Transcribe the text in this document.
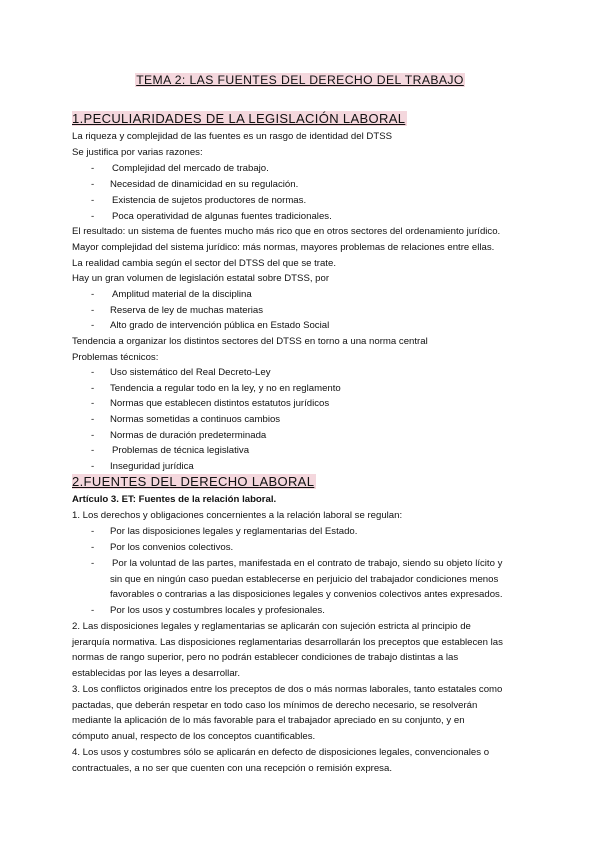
TEMA 2: LAS FUENTES DEL DERECHO DEL TRABAJO
1.PECULIARIDADES DE LA LEGISLACIÓN LABORAL

La riqueza y complejidad de las fuentes es un rasgo de identidad del DTSS

Se justifica por varias razones:

- Complejidad del mercado de trabajo.

- Necesidad de dinamicidad en su regulación.

- Existencia de sujetos productores de normas.

- Poca operatividad de algunas fuentes tradicionales.

El resultado: un sistema de fuentes mucho más rico que en otros sectores del ordenamiento jurídico.

Mayor complejidad del sistema jurídico: más normas, mayores problemas de relaciones entre ellas.

La realidad cambia según el sector del DTSS del que se trate.

Hay un gran volumen de legislación estatal sobre DTSS, por

- Amplitud material de la disciplina

- Reserva de ley de muchas materias

- Alto grado de intervención pública en Estado Social

Tendencia a organizar los distintos sectores del DTSS en torno a una norma central

Problemas técnicos:

- Uso sistemático del Real Decreto-Ley

- Tendencia a regular todo en la ley, y no en reglamento

- Normas que establecen distintos estatutos jurídicos

- Normas sometidas a continuos cambios

- Normas de duración predeterminada

- Problemas de técnica legislativa

- Inseguridad jurídica

2.FUENTES DEL DERECHO LABORAL

Artículo 3. ET: Fuentes de la relación laboral.

1. Los derechos y obligaciones concernientes a la relación laboral se regulan:

- Por las disposiciones legales y reglamentarias del Estado.

- Por los convenios colectivos.

- Por la voluntad de las partes, manifestada en el contrato de trabajo, siendo su objeto lícito y

sin que en ningún caso puedan establecerse en perjuicio del trabajador condiciones menos

favorables o contrarias a las disposiciones legales y convenios colectivos antes expresados.

- Por los usos y costumbres locales y profesionales.

2. Las disposiciones legales y reglamentarias se aplicarán con sujeción estricta al principio de

jerarquía normativa. Las disposiciones reglamentarias desarrollarán los preceptos que establecen las

normas de rango superior, pero no podrán establecer condiciones de trabajo distintas a las

establecidas por las leyes a desarrollar.

3. Los conflictos originados entre los preceptos de dos o más normas laborales, tanto estatales como

pactadas, que deberán respetar en todo caso los mínimos de derecho necesario, se resolverán

mediante la aplicación de lo más favorable para el trabajador apreciado en su conjunto, y en

cómputo anual, respecto de los conceptos cuantificables.

4. Los usos y costumbres sólo se aplicarán en defecto de disposiciones legales, convencionales o

contractuales, a no ser que cuenten con una recepción o remisión expresa.
